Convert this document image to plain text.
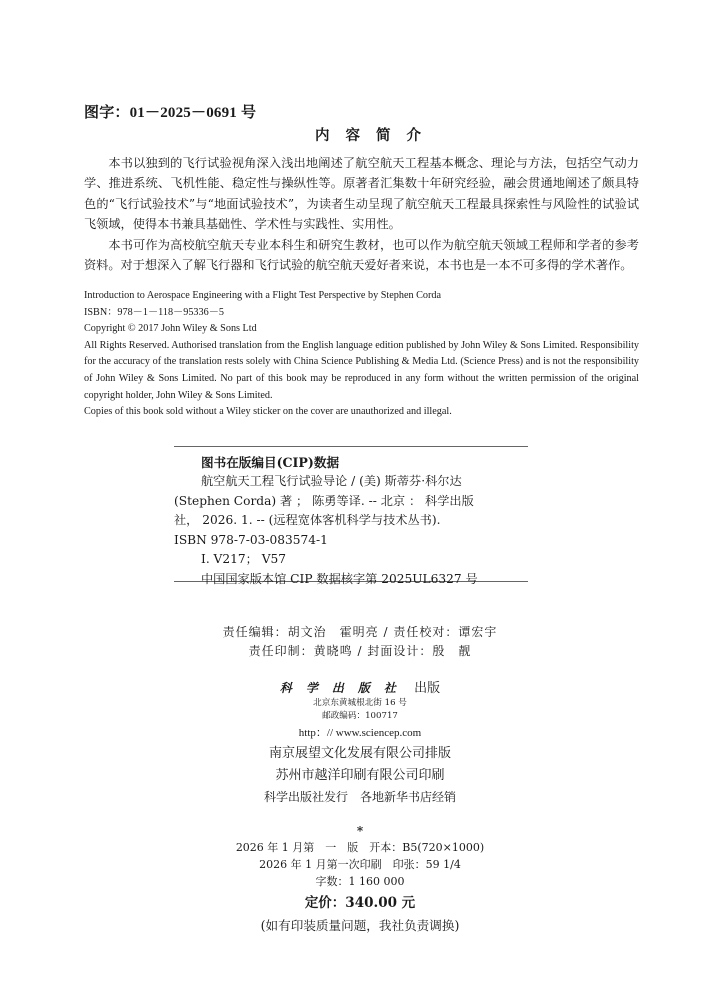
图字：01－2025－0691 号
内容简介

本书以独到的飞行试验视角深入浅出地阐述了航空航天工程基本概念、理论与方法，包括空气动力学、推进系统、飞机性能、稳定性与操纵性等。原著者汇集数十年研究经验，融会贯通地阐述了颇具特色的“飞行试验技术”与“地面试验技术”，为读者生动呈现了航空航天工程最具探索性与风险性的试验试飞领域，使得本书兼具基础性、学术性与实践性、实用性。

本书可作为高校航空航天专业本科生和研究生教材，也可以作为航空航天领域工程师和学者的参考资料。对于想深入了解飞行器和飞行试验的航空航天爱好者来说，本书也是一本不可多得的学术著作。

Introduction to Aerospace Engineering with a Flight Test Perspective by Stephen Corda
ISBN：978－1－118－95336－5
Copyright © 2017 John Wiley & Sons Ltd
All Rights Reserved. Authorised translation from the English language edition published by John Wiley & Sons Limited. Responsibility for the accuracy of the translation rests solely with China Science Publishing & Media Ltd. (Science Press) and is not the responsibility of John Wiley & Sons Limited. No part of this book may be reproduced in any form without the written permission of the original copyright holder, John Wiley & Sons Limited.
Copies of this book sold without a Wiley sticker on the cover are unauthorized and illegal.
图书在版编目(CIP)数据
航空航天工程飞行试验导论 / (美) 斯蒂芬·科尔达
(Stephen Corda) 著 ； 陈勇等译. -- 北京 ： 科学出版
社， 2026. 1. -- (远程宽体客机科学与技术丛书).
ISBN 978-7-03-083574-1
Ⅰ. V217； V57
中国国家版本馆 CIP 数据核字第 2025UL6327 号
责任编辑：胡文治　霍明亮 / 责任校对：谭宏宇
责任印制：黄晓鸣 / 封面设计：殷　靓
科学出版社 出版
北京东黄城根北街 16 号
邮政编码：100717
http：// www.sciencep.com
南京展望文化发展有限公司排版
苏州市越洋印刷有限公司印刷
科学出版社发行　各地新华书店经销
*
2026 年 1 月第　一　版　开本：B5(720×1000)
2026 年 1 月第一次印刷　印张：59 1/4
字数：1 160 000
定价：340.00 元
(如有印装质量问题，我社负责调换)
